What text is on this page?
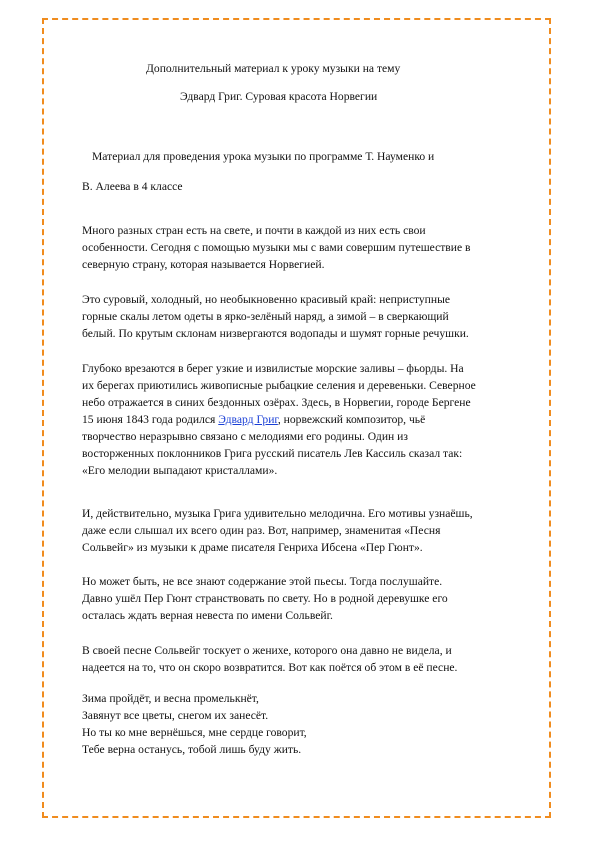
Дополнительный материал к уроку музыки на тему
Эдвард Григ. Суровая красота Норвегии
Материал для проведения урока музыки по программе Т. Науменко и
В. Алеева в 4 классе
Много разных стран есть на свете, и почти в каждой из них есть свои
особенности. Сегодня с помощью музыки мы с вами совершим путешествие в
северную страну, которая называется Норвегией.
Это суровый, холодный, но необыкновенно красивый край: неприступные
горные скалы летом одеты в ярко-зелёный наряд, а зимой – в сверкающий
белый. По крутым склонам низвергаются водопады и шумят горные речушки.
Глубоко врезаются в берег узкие и извилистые морские заливы – фьорды. На
их берегах приютились живописные рыбацкие селения и деревеньки. Северное
небо отражается в синих бездонных озёрах. Здесь, в Норвегии, городе Бергене
15 июня 1843 года родился Эдвард Григ, норвежский композитор, чьё
творчество неразрывно связано с мелодиями его родины. Один из
восторженных поклонников Грига русский писатель Лев Кассиль сказал так:
«Его мелодии выпадают кристаллами».
И, действительно, музыка Грига удивительно мелодична. Его мотивы узнаёшь,
даже если слышал их всего один раз. Вот, например, знаменитая «Песня
Сольвейг» из музыки к драме писателя Генриха Ибсена «Пер Гюнт».
Но может быть, не все знают содержание этой пьесы. Тогда послушайте.
Давно ушёл Пер Гюнт странствовать по свету. Но в родной деревушке его
осталась ждать верная невеста по имени Сольвейг.
В своей песне Сольвейг тоскует о женихе, которого она давно не видела, и
надеется на то, что он скоро возвратится. Вот как поётся об этом в её песне.
Зима пройдёт, и весна промелькнёт,
Завянут все цветы, снегом их занесёт.
Но ты ко мне вернёшься, мне сердце говорит,
Тебе верна останусь, тобой лишь буду жить.
